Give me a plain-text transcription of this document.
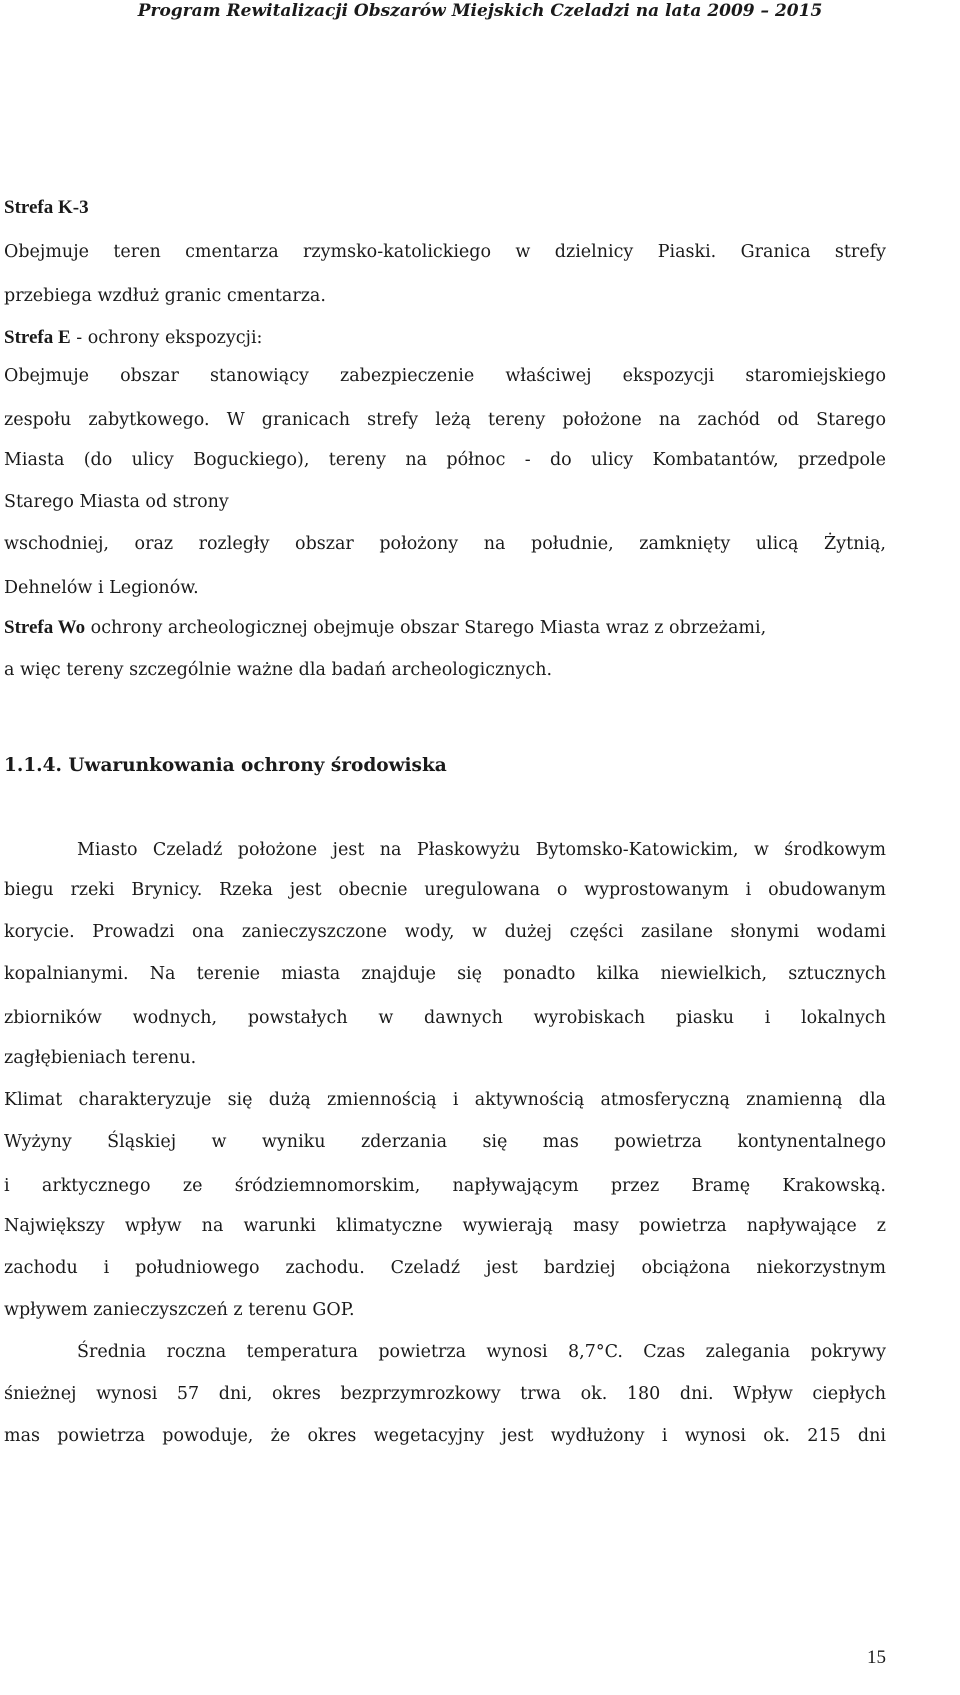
Program Rewitalizacji Obszarów Miejskich Czeladzi na lata 2009 – 2015
Strefa K-3
Obejmuje teren cmentarza rzymsko-katolickiego w dzielnicy Piaski. Granica strefy
przebiega wzdłuż granic cmentarza.
Strefa E - ochrony ekspozycji:
Obejmuje obszar stanowiący zabezpieczenie właściwej ekspozycji staromiejskiego
zespołu zabytkowego. W granicach strefy leżą tereny położone na zachód od Starego
Miasta (do ulicy Boguckiego), tereny na północ - do ulicy Kombatantów, przedpole
Starego Miasta od strony
wschodniej, oraz rozległy obszar położony na południe, zamknięty ulicą Żytnią,
Dehnelów i Legionów.
Strefa Wo ochrony archeologicznej obejmuje obszar Starego Miasta wraz z obrzeżami,
a więc tereny szczególnie ważne dla badań archeologicznych.
1.1.4. Uwarunkowania ochrony środowiska
Miasto Czeladź położone jest na Płaskowyżu Bytomsko-Katowickim, w środkowym
biegu rzeki Brynicy. Rzeka jest obecnie uregulowana o wyprostowanym i obudowanym
korycie. Prowadzi ona zanieczyszczone wody, w dużej części zasilane słonymi wodami
kopalnianymi. Na terenie miasta znajduje się ponadto kilka niewielkich, sztucznych
zbiorników wodnych, powstałych w dawnych wyrobiskach piasku i lokalnych
zagłębieniach terenu.
Klimat charakteryzuje się dużą zmiennością i aktywnością atmosferyczną znamienną dla
Wyżyny Śląskiej w wyniku zderzania się mas powietrza kontynentalnego
i arktycznego ze śródziemnomorskim, napływającym przez Bramę Krakowską.
Największy wpływ na warunki klimatyczne wywierają masy powietrza napływające z
zachodu i południowego zachodu. Czeladź jest bardziej obciążona niekorzystnym
wpływem zanieczyszczeń z terenu GOP.
Średnia roczna temperatura powietrza wynosi 8,7°C. Czas zalegania pokrywy
śnieżnej wynosi 57 dni, okres bezprzymrozkowy trwa ok. 180 dni. Wpływ ciepłych
mas powietrza powoduje, że okres wegetacyjny jest wydłużony i wynosi ok. 215 dni
15
